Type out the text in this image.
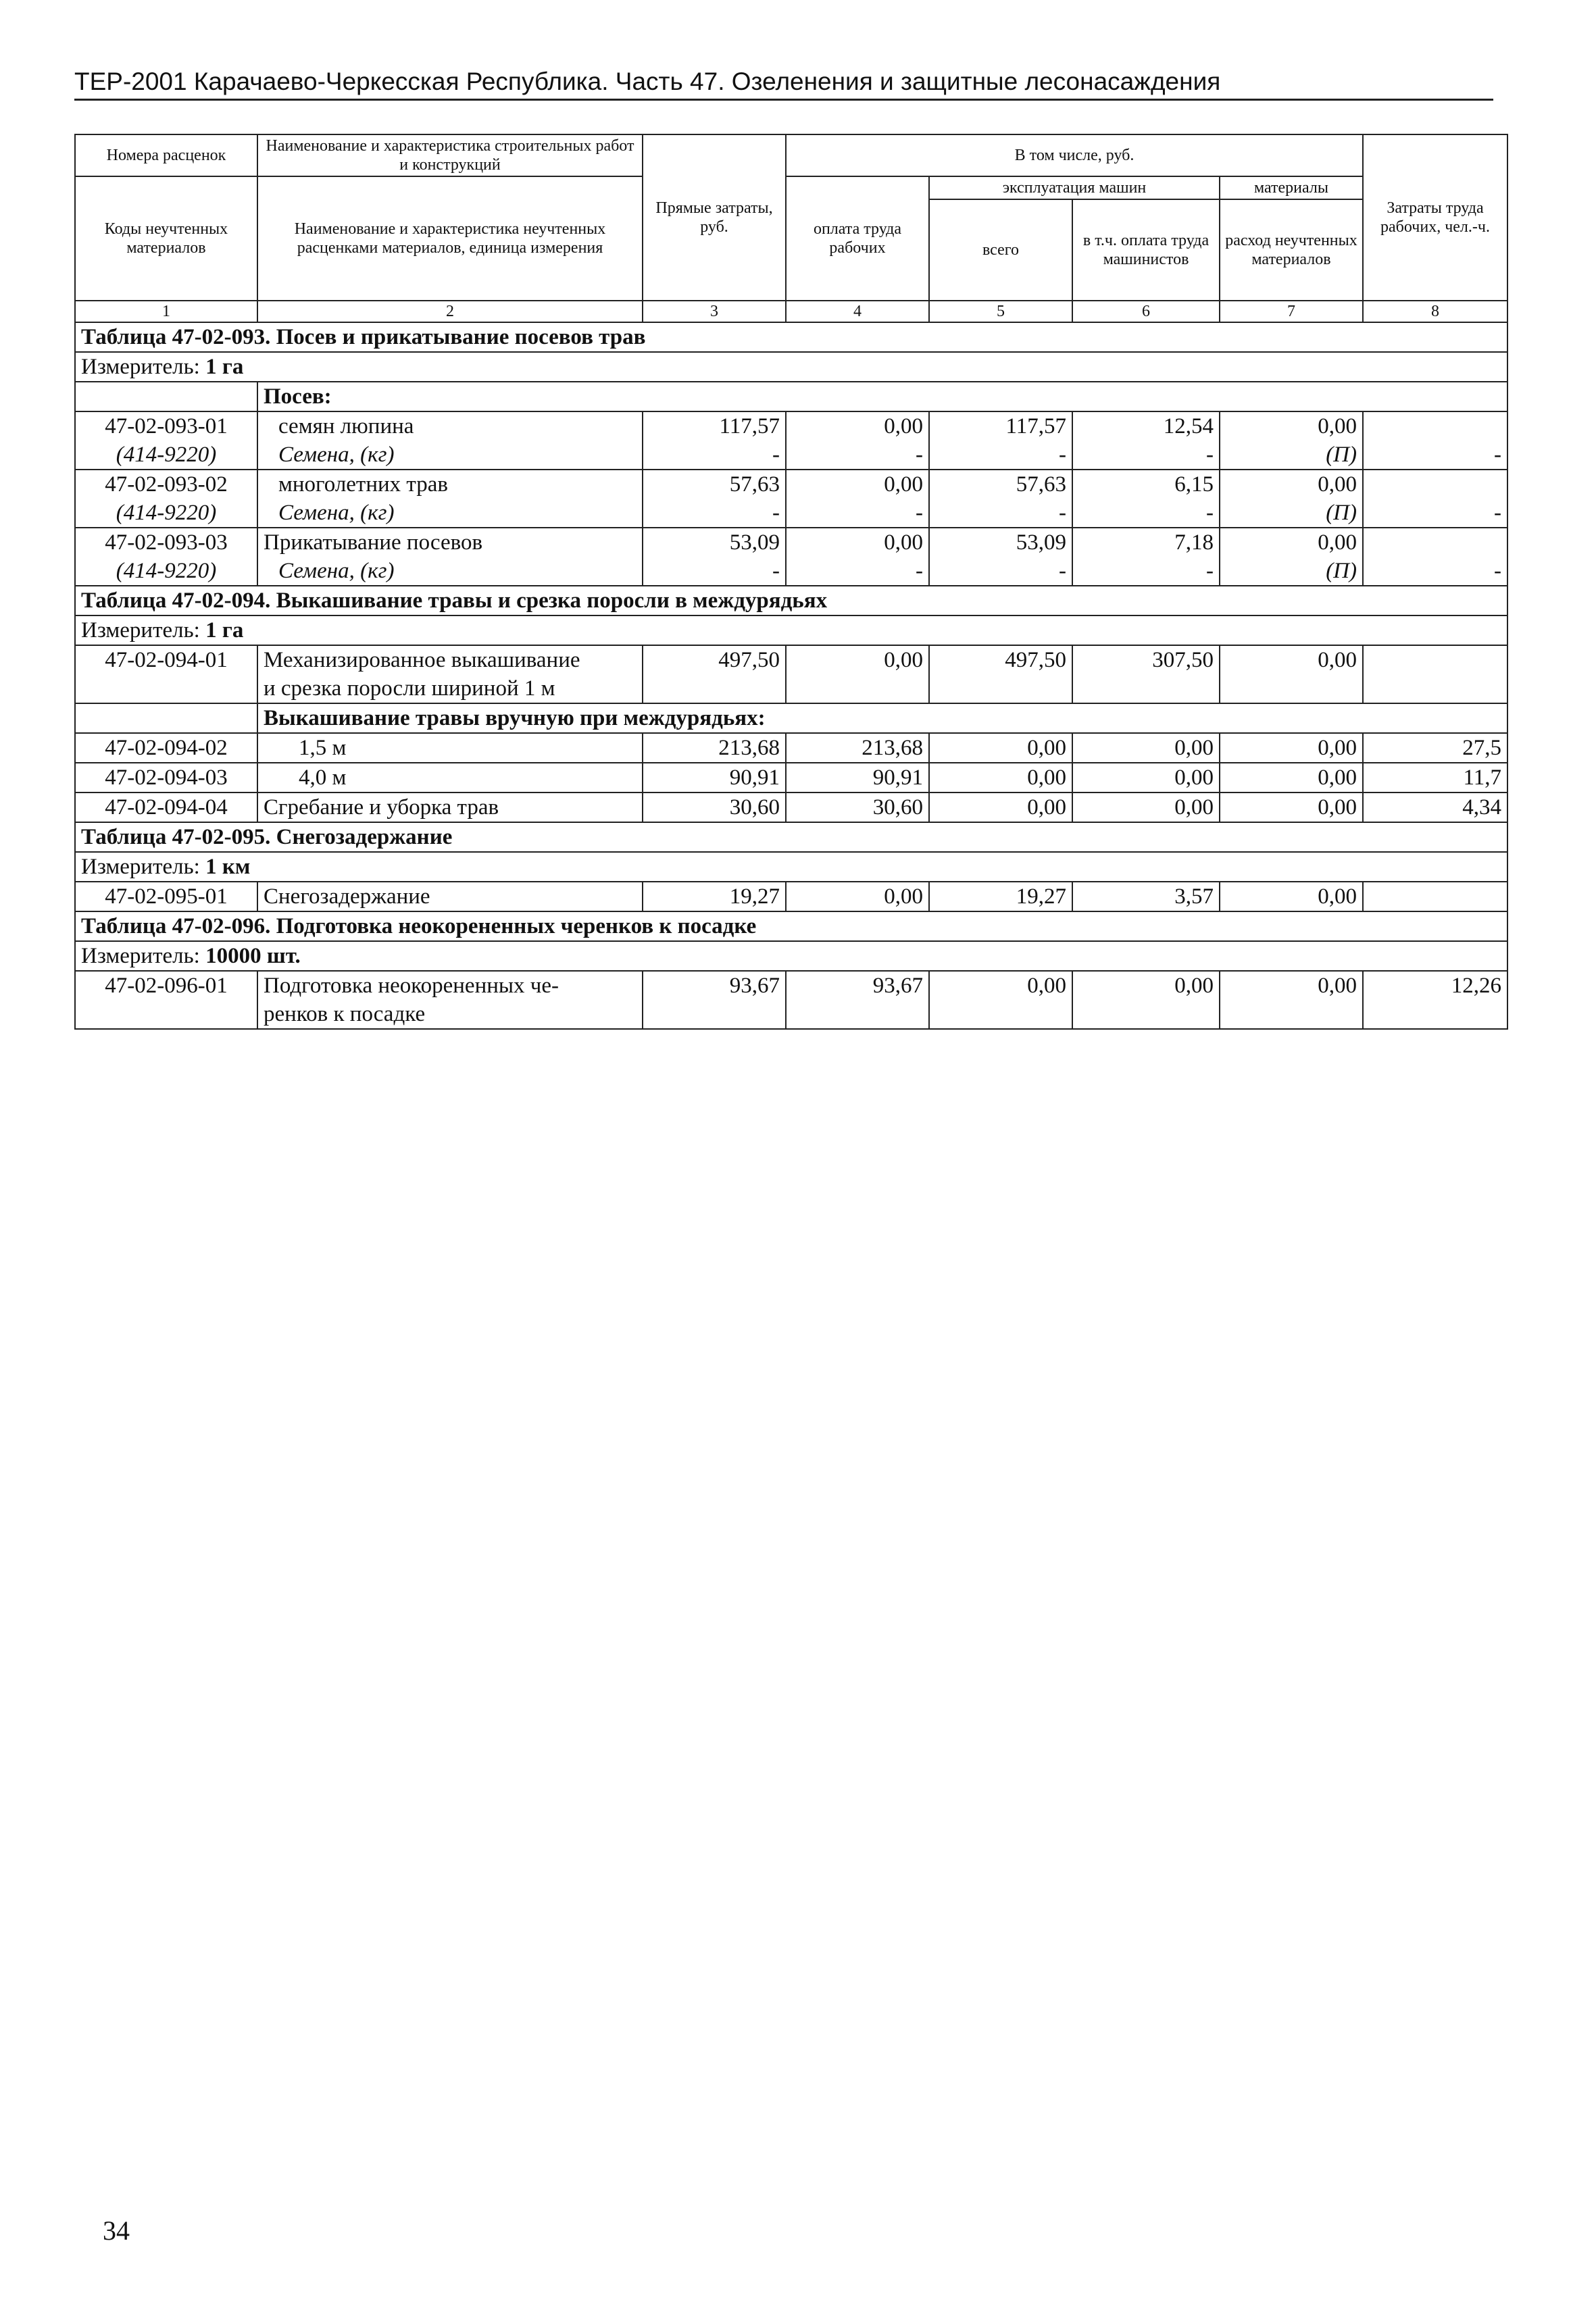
ТЕР-2001 Карачаево-Черкесская Республика. Часть 47. Озеленения и защитные лесонасаждения
Номера расценок	Наименование и характеристика строительных работ и конструкций	Прямые затраты, руб.	В том числе, руб.				Затраты труда рабочих, чел.-ч.
Коды неучтенных материалов	Наименование и характеристика неучтенных расценками материалов, единица измерения		оплата труда рабочих	эксплуатация машин		материалы	
				всего	в т.ч. оплата труда машинистов	расход неучтенных материалов	
1	2	3	4	5	6	7	8
Таблица 47-02-093. Посев и прикатывание посевов трав							
Измеритель: 1 га							
	Посев:						
47-02-093-01	семян люпина	117,57	0,00	117,57	12,54	0,00	
(414-9220)	Семена, (кг)	-	-	-	-	(П)	-
47-02-093-02	многолетних трав	57,63	0,00	57,63	6,15	0,00	
(414-9220)	Семена, (кг)	-	-	-	-	(П)	-
47-02-093-03	Прикатывание посевов	53,09	0,00	53,09	7,18	0,00	
(414-9220)	Семена, (кг)	-	-	-	-	(П)	-
Таблица 47-02-094. Выкашивание травы и срезка поросли в междурядьях							
Измеритель: 1 га							
47-02-094-01	Механизированное выкашивание	497,50	0,00	497,50	307,50	0,00	
	и срезка поросли шириной 1 м						
	Выкашивание травы вручную при междурядьях:						
47-02-094-02	1,5 м	213,68	213,68	0,00	0,00	0,00	27,5
47-02-094-03	4,0 м	90,91	90,91	0,00	0,00	0,00	11,7
47-02-094-04	Сгребание и уборка трав	30,60	30,60	0,00	0,00	0,00	4,34
Таблица 47-02-095. Снегозадержание							
Измеритель: 1 км							
47-02-095-01	Снегозадержание	19,27	0,00	19,27	3,57	0,00	
Таблица 47-02-096. Подготовка неокорененных черенков к посадке							
Измеритель: 10000 шт.							
47-02-096-01	Подготовка неокорененных че-	93,67	93,67	0,00	0,00	0,00	12,26
	ренков к посадке						
34
